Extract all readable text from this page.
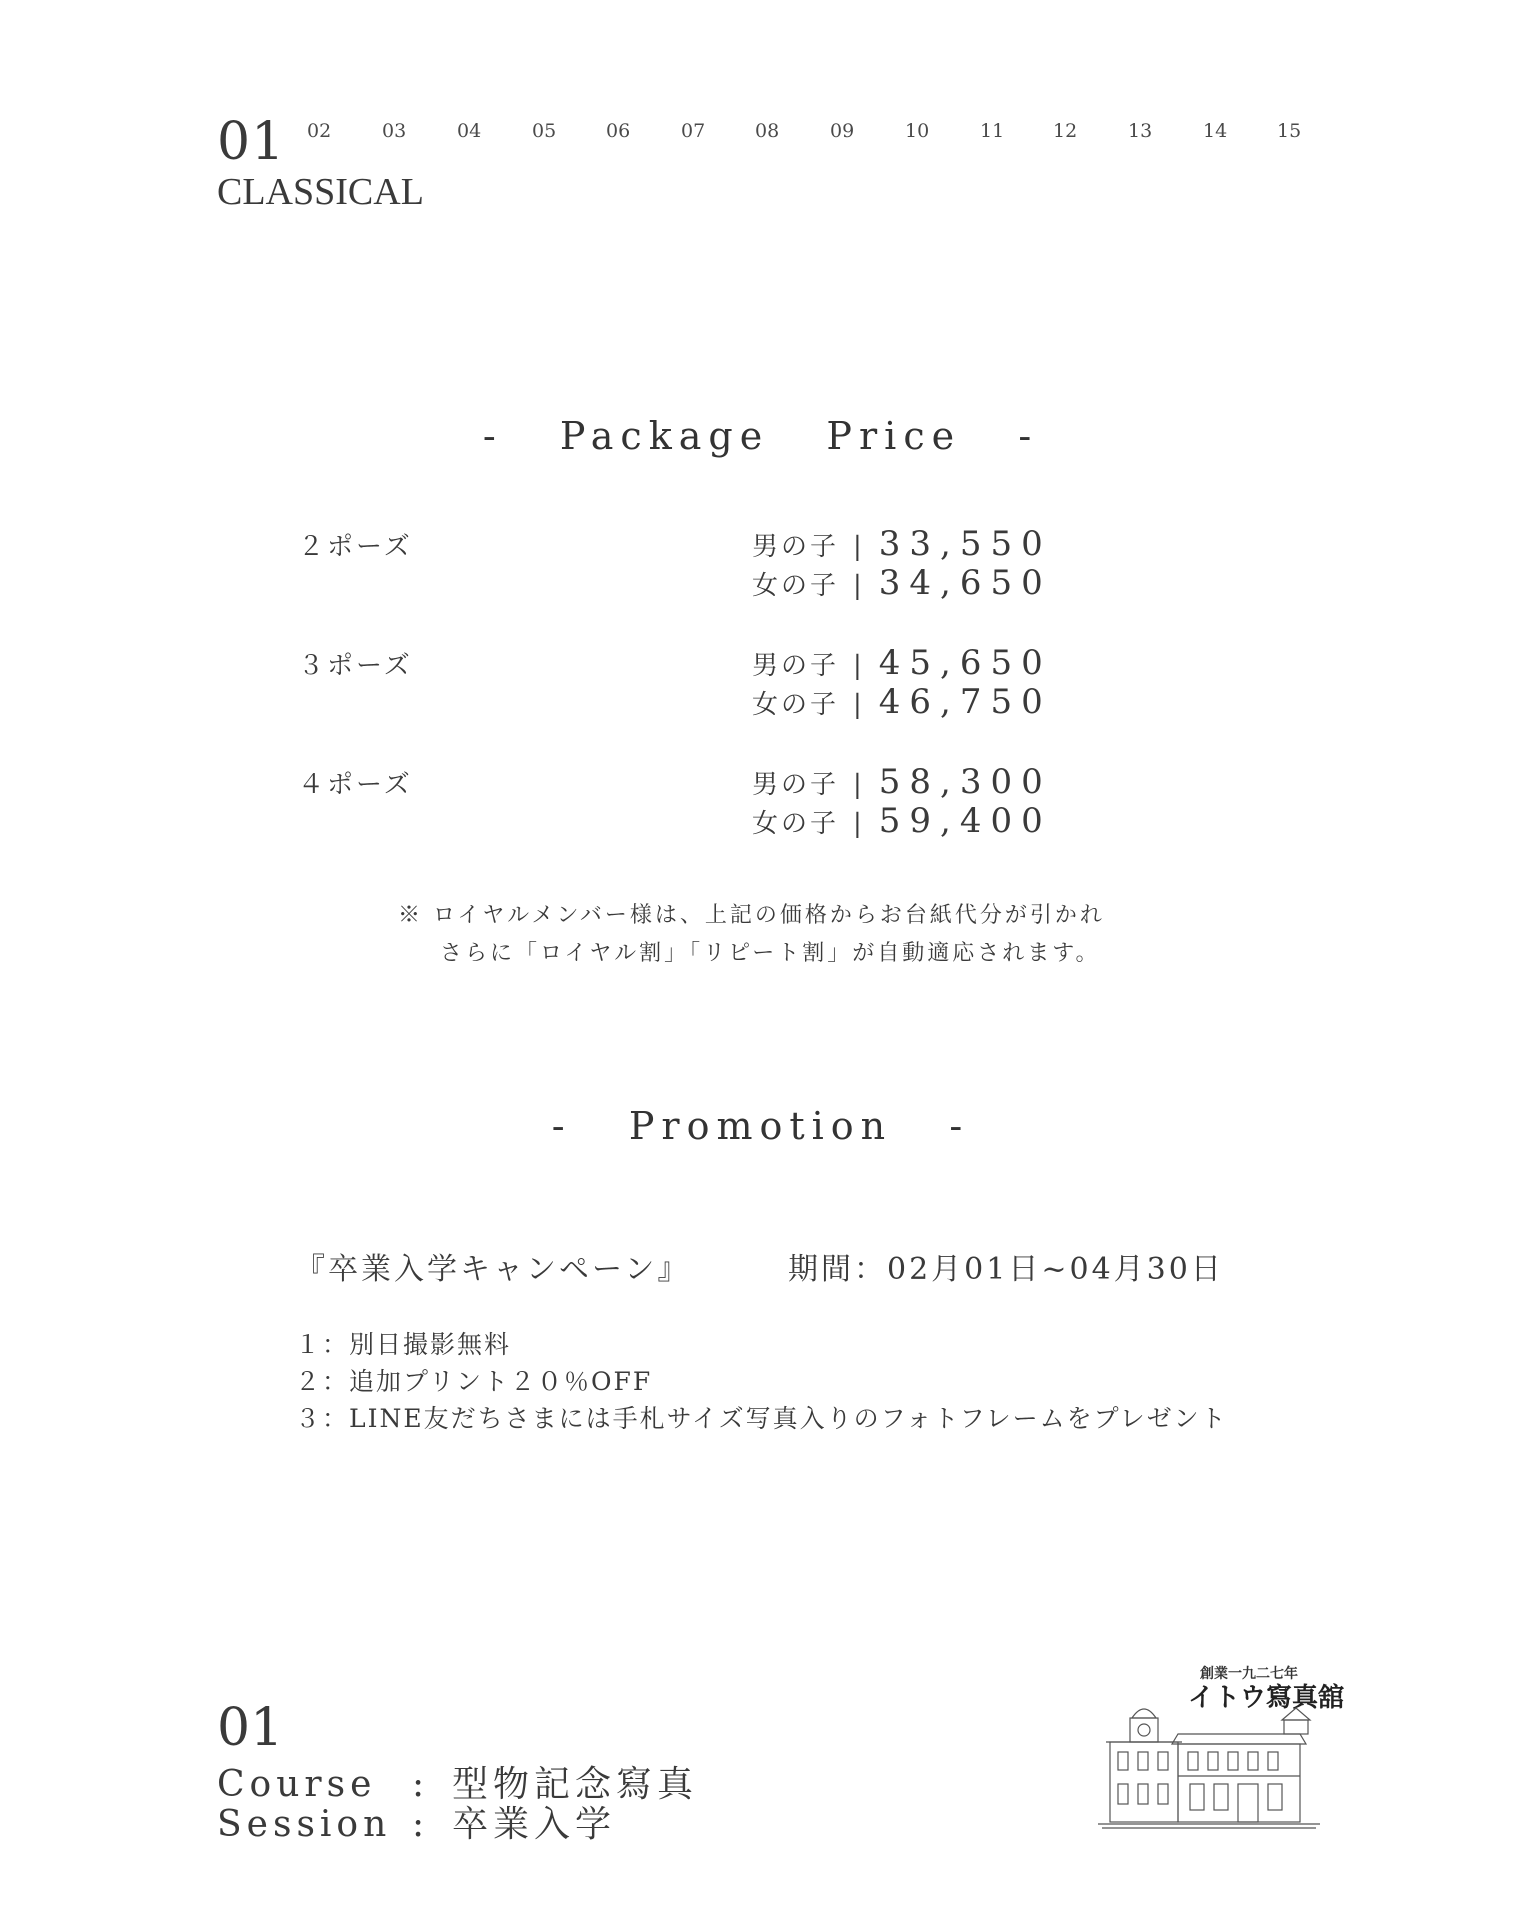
01
CLASSICAL
02	03	04	05	06	07	08	09	10	11	12	13	14	15
-   Package   Price   -
２ポーズ	男の子 | 33,550
女の子 | 34,650
３ポーズ	男の子 | 45,650
女の子 | 46,750
４ポーズ	男の子 | 58,300
女の子 | 59,400
※ ロイヤルメンバー様は、上記の価格からお台紙代分が引かれ
さらに「ロイヤル割」「リピート割」が自動適応されます。
-   Promotion   -
『卒業入学キャンペーン』	期間：02月01日~04月30日
１：別日撮影無料
２：追加プリント２０％OFF
３：LINE友だちさまには手札サイズ写真入りのフォトフレームをプレゼント
01
Course : 型物記念寫真
Session : 卒業入学
創業一九二七年
イトウ寫真舘
